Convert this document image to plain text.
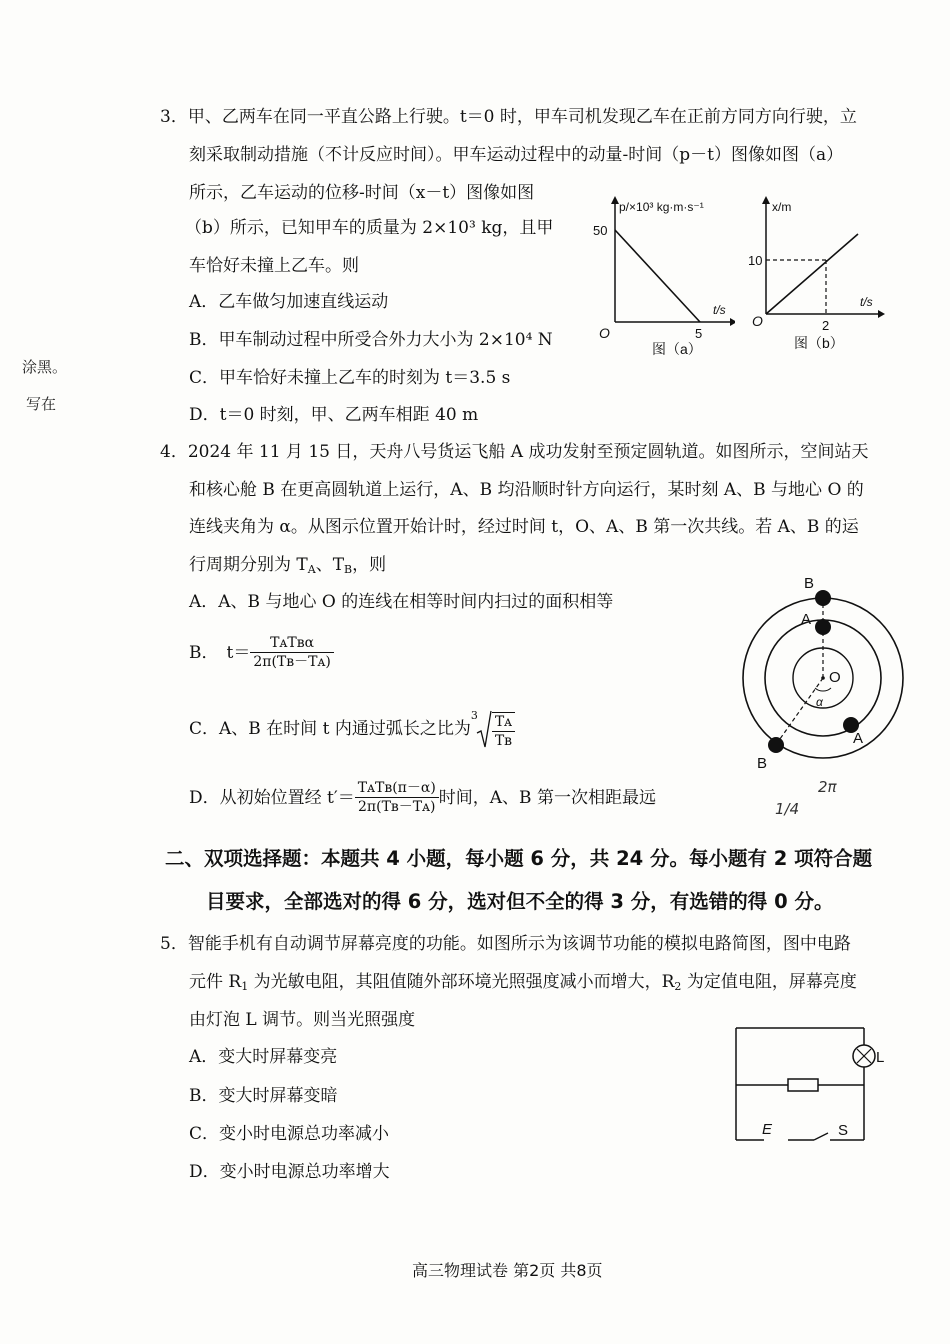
涂黑。
写在
3．甲、乙两车在同一平直公路上行驶。t＝0 时，甲车司机发现乙车在正前方同方向行驶，立
刻采取制动措施（不计反应时间）。甲车运动过程中的动量-时间（p－t）图像如图（a）
所示，乙车运动的位移-时间（x－t）图像如图
（b）所示，已知甲车的质量为 2×10³ kg，且甲
车恰好未撞上乙车。则
A．乙车做匀加速直线运动
B．甲车制动过程中所受合外力大小为 2×10⁴ N
C．甲车恰好未撞上乙车的时刻为 t＝3.5 s
D．t＝0 时刻，甲、乙两车相距 40 m
p/×10³ kg·m·s⁻¹
t/s
50
5
O
图（a）
x/m
t/s
10
2
O
图（b）
4．2024 年 11 月 15 日，天舟八号货运飞船 A 成功发射至预定圆轨道。如图所示，空间站天
和核心舱 B 在更高圆轨道上运行，A、B 均沿顺时针方向运行，某时刻 A、B 与地心 O 的
连线夹角为 α。从图示位置开始计时，经过时间 t，O、A、B 第一次共线。若 A、B 的运
行周期分别为 $T_A$、$T_B$，则
A．A、B 与地心 O 的连线在相等时间内扫过的面积相等
B． $t= \frac{\text{TᴀTʙα}}{\text{2π(Tʙ－Tᴀ)}}$
C．A、B 在时间 t 内通过弧长之比为
$3 \frac{\text{Tᴀ}}{\text{Tʙ}}$
D．从初始位置经 $t'= \frac{\text{TᴀTʙ(π－α)}}{\text{2π(Tʙ－Tᴀ)}}$ 时间，A、B 第一次相距最远
B
A
O
α
A
B
1/4
2π
二、双项选择题：本题共 4 小题，每小题 6 分，共 24 分。每小题有 2 项符合题
目要求，全部选对的得 6 分，选对但不全的得 3 分，有选错的得 0 分。
5．智能手机有自动调节屏幕亮度的功能。如图所示为该调节功能的模拟电路简图，图中电路
元件 $R_1$ 为光敏电阻，其阻值随外部环境光照强度减小而增大，$R_2$ 为定值电阻，屏幕亮度
由灯泡 L 调节。则当光照强度
A．变大时屏幕变亮
B．变大时屏幕变暗
C．变小时电源总功率减小
D．变小时电源总功率增大
L
E	S
高三物理试卷 第2页 共8页
